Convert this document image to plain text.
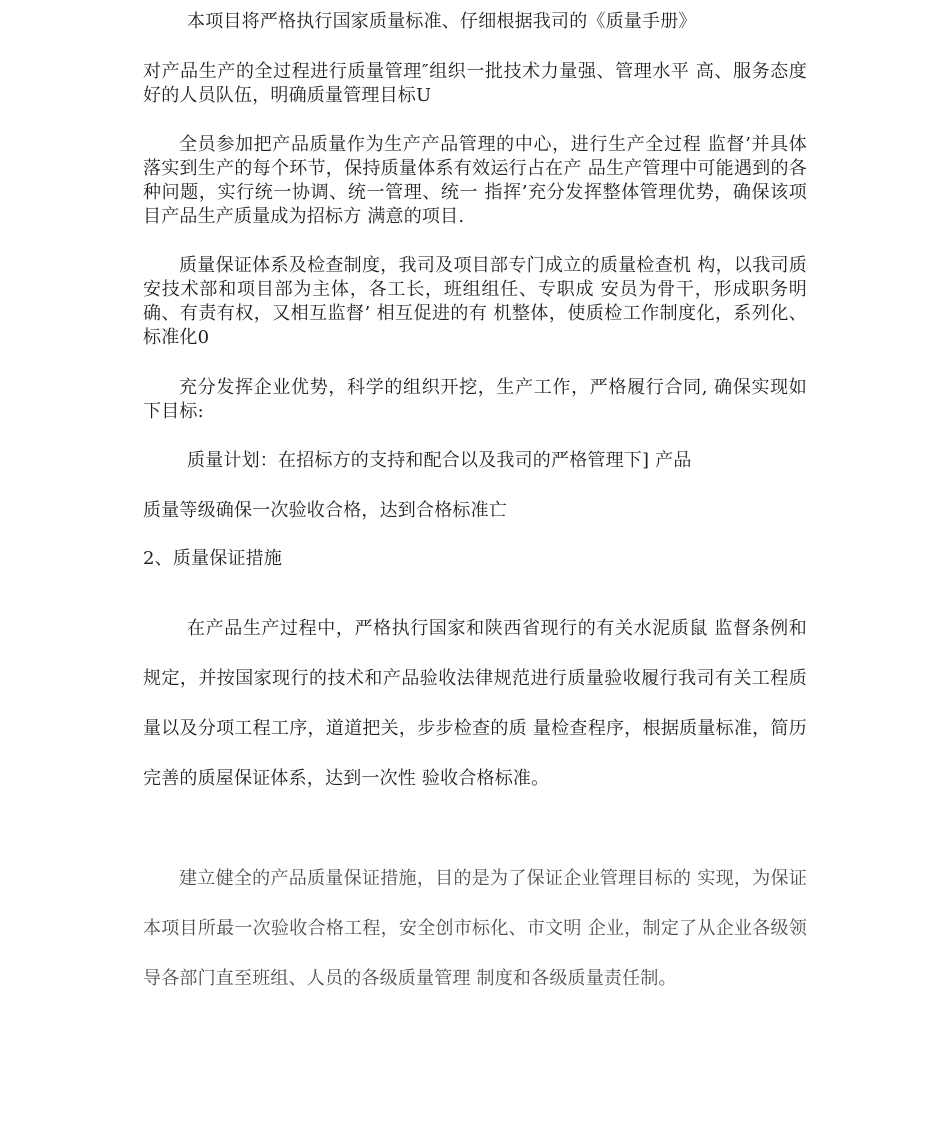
本项目将严格执行国家质量标准、仔细根据我司的《质量手册》

对产品生产的全过程进行质量管理″组织一批技术力量强、管理水平 高、服务态度好的人员队伍，明确质量管理目标U

全员参加把产品质量作为生产产品管理的中心，进行生产全过程 监督’并具体落实到生产的每个环节，保持质量体系有效运行占在产 品生产管理中可能遇到的各种问题，实行统一协调、统一管理、统一 指挥’充分发挥整体管理优势，确保该项目产品生产质量成为招标方 满意的项目.

质量保证体系及检查制度，我司及项目部专门成立的质量检查机 构，以我司质安技术部和项目部为主体，各工长，班组组任、专职成 安员为骨干，形成职务明确、有责有权，又相互监督’ 相互促进的有 机整体，使质检工作制度化，系列化、标准化0

充分发挥企业优势，科学的组织开挖，生产工作，严格履行合同, 确保实现如下目标:

质量计划：在招标方的支持和配合以及我司的严格管理下] 产品

质量等级确保一次验收合格，达到合格标准亡

2、质量保证措施

在产品生产过程中，严格执行国家和陕西省现行的有关水泥质鼠 监督条例和规定，并按国家现行的技术和产品验收法律规范进行质量验收履行我司有关工程质量以及分项工程工序，道道把关，步步检查的质 量检查程序，根据质量标准，简历完善的质屋保证体系，达到一次性 验收合格标准。

建立健全的产品质量保证措施，目的是为了保证企业管理目标的 实现，为保证本项目所最一次验收合格工程，安全创市标化、市文明 企业，制定了从企业各级领导各部门直至班组、人员的各级质量管理 制度和各级质量责任制。
